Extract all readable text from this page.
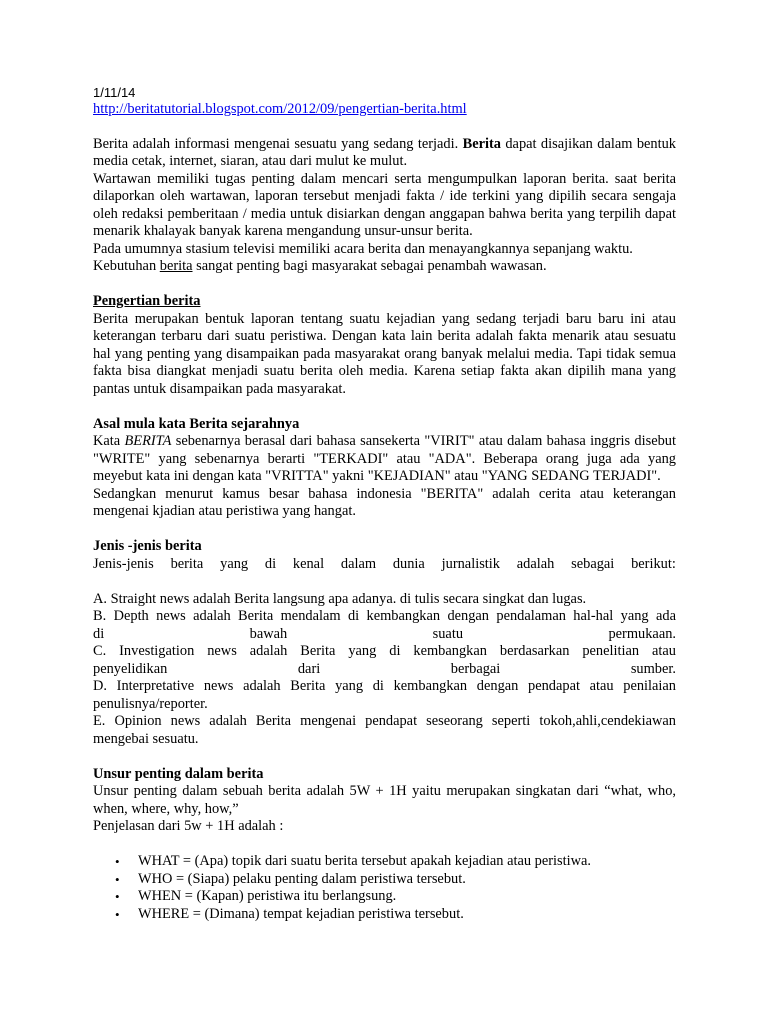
1/11/14
http://beritatutorial.blogspot.com/2012/09/pengertian-berita.html

Berita adalah informasi mengenai sesuatu yang sedang terjadi. Berita dapat disajikan dalam bentuk media cetak, internet, siaran, atau dari mulut ke mulut.

Wartawan memiliki tugas penting dalam mencari serta mengumpulkan laporan berita. saat berita dilaporkan oleh wartawan, laporan tersebut menjadi fakta / ide terkini yang dipilih secara sengaja oleh redaksi pemberitaan / media untuk disiarkan dengan anggapan bahwa berita yang terpilih dapat menarik khalayak banyak karena mengandung unsur-unsur berita.

Pada umumnya stasium televisi memiliki acara berita dan menayangkannya sepanjang waktu.

Kebutuhan berita sangat penting bagi masyarakat sebagai penambah wawasan.

Pengertian berita

Berita merupakan bentuk laporan tentang suatu kejadian yang sedang terjadi baru baru ini atau keterangan terbaru dari suatu peristiwa. Dengan kata lain berita adalah fakta menarik atau sesuatu hal yang penting yang disampaikan pada masyarakat orang banyak melalui media. Tapi tidak semua fakta bisa diangkat menjadi suatu berita oleh media. Karena setiap fakta akan dipilih mana yang pantas untuk disampaikan pada masyarakat.

Asal mula kata Berita sejarahnya

Kata BERITA sebenarnya berasal dari bahasa sansekerta "VIRIT" atau dalam bahasa inggris disebut "WRITE" yang sebenarnya berarti "TERKADI" atau "ADA". Beberapa orang juga ada yang meyebut kata ini dengan kata "VRITTA" yakni "KEJADIAN" atau "YANG SEDANG TERJADI".

Sedangkan menurut kamus besar bahasa indonesia "BERITA" adalah cerita atau keterangan mengenai kjadian atau peristiwa yang hangat.

Jenis -jenis berita
Jenis-jenis berita yang di kenal dalam dunia jurnalistik adalah sebagai berikut:

A. Straight news adalah Berita langsung apa adanya. di tulis secara singkat dan lugas.

B. Depth news adalah Berita mendalam di kembangkan dengan pendalaman hal-hal yang ada

di	bawah	suatu	permukaan.

C. Investigation news adalah Berita yang di kembangkan berdasarkan penelitian atau

penyelidikan	dari	berbagai	sumber.

D. Interpretative news adalah Berita yang di kembangkan dengan pendapat atau penilaian penulisnya/reporter.

E. Opinion news adalah Berita mengenai pendapat seseorang seperti tokoh,ahli,cendekiawan mengebai sesuatu.

Unsur penting dalam berita

Unsur penting dalam sebuah berita adalah 5W + 1H yaitu merupakan singkatan dari “what, who, when, where, why, how,”

Penjelasan dari 5w + 1H adalah :

• WHAT = (Apa) topik dari suatu berita tersebut apakah kejadian atau peristiwa.
• WHO = (Siapa) pelaku penting dalam peristiwa tersebut.
• WHEN = (Kapan) peristiwa itu berlangsung.
• WHERE = (Dimana) tempat kejadian peristiwa tersebut.
